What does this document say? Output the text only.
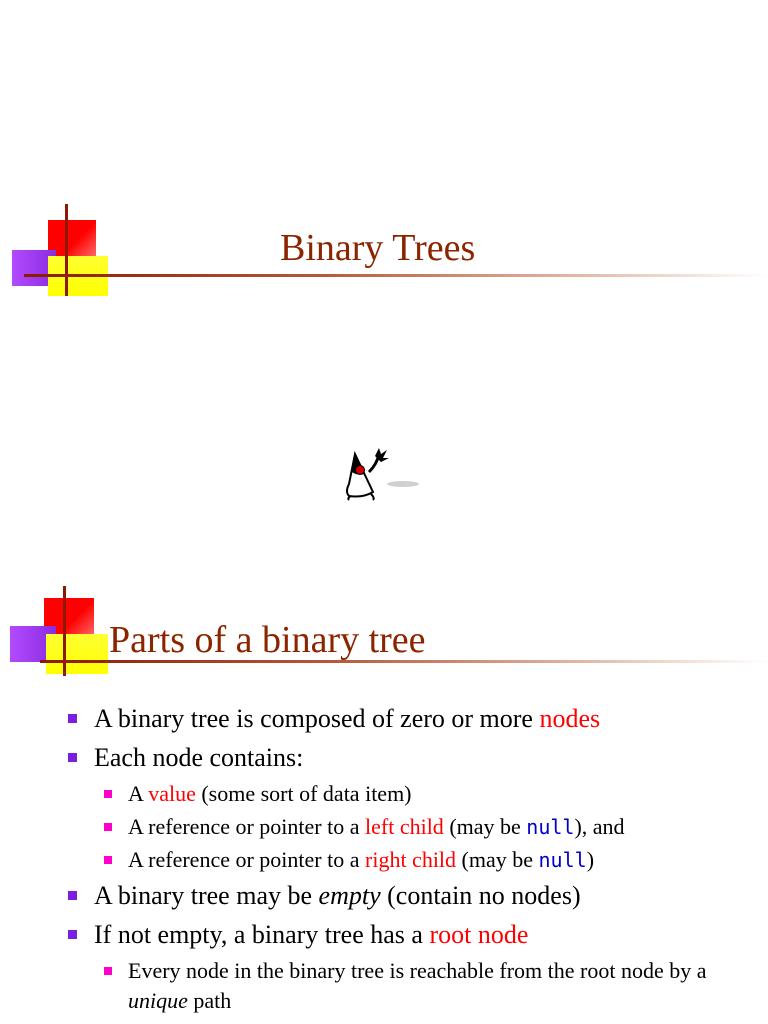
Binary Trees
Parts of a binary tree
A binary tree is composed of zero or more nodes
Each node contains:
A value (some sort of data item)
A reference or pointer to a left child (may be null), and
A reference or pointer to a right child (may be null)
A binary tree may be empty (contain no nodes)
If not empty, a binary tree has a root node
Every node in the binary tree is reachable from the root node by a unique path
